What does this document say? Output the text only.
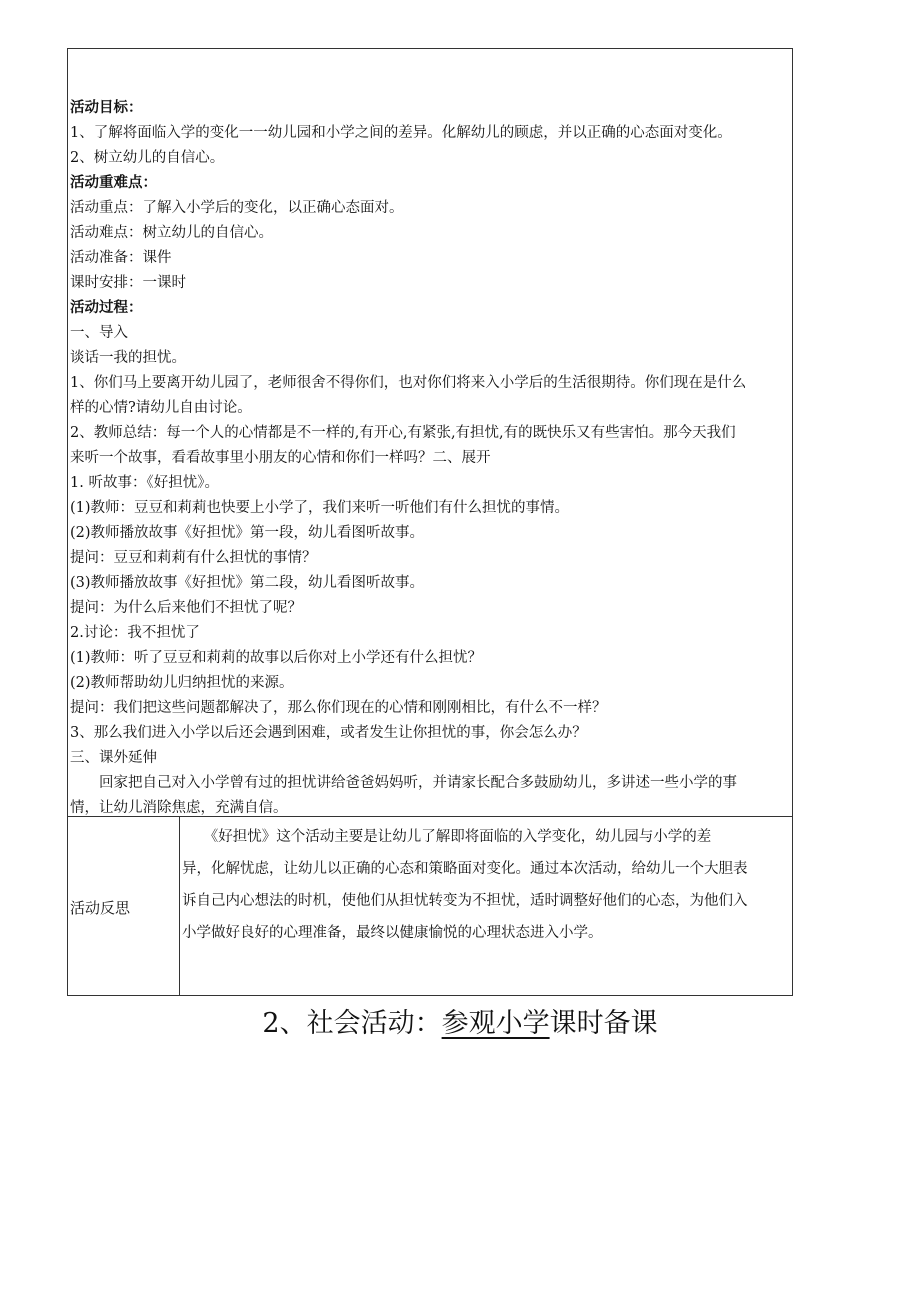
活动目标：
1、了解将面临入学的变化一一幼儿园和小学之间的差异。化解幼儿的顾虑，并以正确的心态面对变化。
2、树立幼儿的自信心。
活动重难点：
活动重点：了解入小学后的变化，以正确心态面对。
活动难点：树立幼儿的自信心。
活动准备：课件
课时安排：一课时
活动过程：
一、导入
谈话一我的担忧。
1、你们马上要离开幼儿园了，老师很舍不得你们，也对你们将来入小学后的生活很期待。你们现在是什么
样的心情?请幼儿自由讨论。
2、教师总结：每一个人的心情都是不一样的,有开心,有紧张,有担忧,有的既快乐又有些害怕。那今天我们
来听一个故事，看看故事里小朋友的心情和你们一样吗？二、展开
1. 听故事：《好担忧》。
(1)教师：豆豆和莉莉也快要上小学了，我们来听一听他们有什么担忧的事情。
(2)教师播放故事《好担忧》第一段，幼儿看图听故事。
提问：豆豆和莉莉有什么担忧的事情？
(3)教师播放故事《好担忧》第二段，幼儿看图听故事。
提问：为什么后来他们不担忧了呢？
2.讨论：我不担忧了
(1)教师：听了豆豆和莉莉的故事以后你对上小学还有什么担忧？
(2)教师帮助幼儿归纳担忧的来源。
提问：我们把这些问题都解决了，那么你们现在的心情和刚刚相比，有什么不一样？
3、那么我们进入小学以后还会遇到困难，或者发生让你担忧的事，你会怎么办？
三、课外延伸
　　回家把自己对入小学曾有过的担忧讲给爸爸妈妈听，并请家长配合多鼓励幼儿，多讲述一些小学的事
情，让幼儿消除焦虑，充满自信。
活动反思
　　《好担忧》这个活动主要是让幼儿了解即将面临的入学变化，幼儿园与小学的差
异，化解忧虑，让幼儿以正确的心态和策略面对变化。通过本次活动，给幼儿一个大胆表
诉自己内心想法的时机，使他们从担忧转变为不担忧，适时调整好他们的心态，为他们入
小学做好良好的心理准备，最终以健康愉悦的心理状态进入小学。
2、社会活动：参观小学课时备课
